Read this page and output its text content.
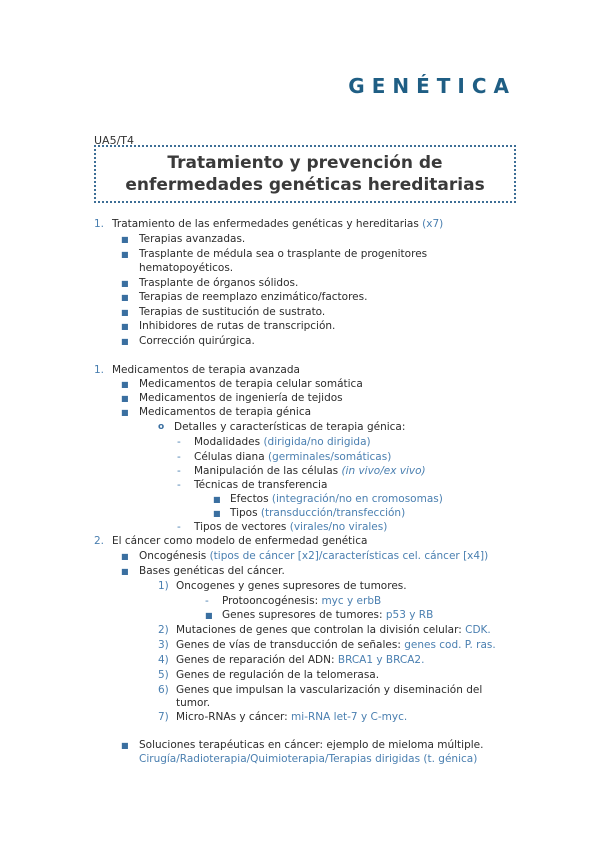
GENÉTICA
UA5/T4
Tratamiento y prevención de enfermedades genéticas hereditarias
1. Tratamiento de las enfermedades genéticas y hereditarias (x7)
■ Terapias avanzadas.
■ Trasplante de médula sea o trasplante de progenitores
hematopoyéticos.
■ Trasplante de órganos sólidos.
■ Terapias de reemplazo enzimático/factores.
■ Terapias de sustitución de sustrato.
■ Inhibidores de rutas de transcripción.
■ Corrección quirúrgica.
1. Medicamentos de terapia avanzada
■ Medicamentos de terapia celular somática
■ Medicamentos de ingeniería de tejidos
■ Medicamentos de terapia génica
o Detalles y características de terapia génica:
- Modalidades (dirigida/no dirigida)
- Células diana (germinales/somáticas)
- Manipulación de las células (in vivo/ex vivo)
- Técnicas de transferencia
■ Efectos (integración/no en cromosomas)
■ Tipos (transducción/transfección)
- Tipos de vectores (virales/no virales)
2. El cáncer como modelo de enfermedad genética
■ Oncogénesis (tipos de cáncer [x2]/características cel. cáncer [x4])
■ Bases genéticas del cáncer.
1) Oncogenes y genes supresores de tumores.
- Protooncogénesis: myc y erbB
■ Genes supresores de tumores: p53 y RB
2) Mutaciones de genes que controlan la división celular: CDK.
3) Genes de vías de transducción de señales: genes cod. P. ras.
4) Genes de reparación del ADN: BRCA1 y BRCA2.
5) Genes de regulación de la telomerasa.
6) Genes que impulsan la vascularización y diseminación del
tumor.
7) Micro-RNAs y cáncer: mi-RNA let-7 y C-myc.
■ Soluciones terapéuticas en cáncer: ejemplo de mieloma múltiple.
Cirugía/Radioterapia/Quimioterapia/Terapias dirigidas (t. génica)
